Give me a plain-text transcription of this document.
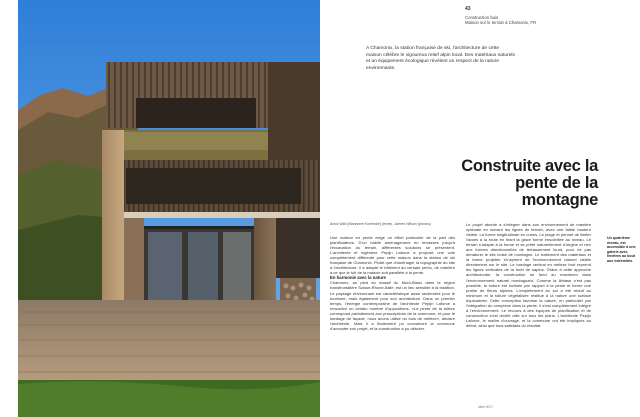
43
Construction bois
Maison sur le terrain à Chamonix, FR
A Chamonix, la station française de ski, l'architecture de cette maison célèbre le vigoureux relief alpin local. Des matériaux naturels et un équipement écologique révèlent un respect de la nature environnante.
Construite avec la pente de la montagne
Anna Wild (Marianne Kuehmke) (texte), Jaeren Wilson (photos)

Une maison en pente exige un effort particulier de la part des planificateurs. D'un habile aménagement en terrasses jusqu'à l'excavation du terrain, différentes solutions se présentent. L'architecte et ingénieur Pepijn Laforce a proposé une voie complètement différente pour cette maison dans la station de ski française de Chamonix. Plutôt que d'aménager la topographie du site à l'architecture, il a adapté le bâtiment au versant pentu, de manière à ce que le toit de la maison soit parallèle à la pente.

En harmonie avec la nature

Chamonix, au pied du massif du Mont-Blanc dans la région transfrontalière Suisse-Rhone-Italie, est un lieu sensible à la tradition. Le paysage environnant est caractéristique aussi seulement pour le tourisme, mais également pour son architecture. Dans un premier temps, l'énergie contemporaine de l'architecte Pepijn Laforce a rencontré un certain nombre d'oppositions. «La pente de la toiture correspond parfaitement aux prescriptions de la commune, et pour le bardage de façade, nous avons utilisé du bois de mélèze», déclare l'architecte. Mais il a finalement pu convaincre la commune d'accepter son projet, et la construction a pu débuter.

Le projet aborde à s'intégrer dans son environnement de manière optimale en suivant les lignes du terrain, avec une faible hauteur visible. La forme longitudinale en cubes. Le plage et permet de limiter l'accès à la route en tirant la glace forme ensoleillée au niveau. Le terrain s'adapte à la forme et se prête naturellement d'origine et rien aux formes directionnelles de terrassement lourd, pour ne pas dénaturer le site boisé de montagne. Le traitement des matériaux et la forme projetée s'inspirent de l'environnement naturel visible directement sur le site. Le bardage vertical en mélèze brut reprend les lignes verticales de la forêt de sapins. Grâce à cette approche architecturale, la construction se fond au maximum dans l'environnement naturel montagnard. Comme la lithiase n'est pas possible, la toiture est inclinée par rapport à la pente et forme une prairie de fleurs alpines. L'empiétement au sol a été réduit au minimum et la toiture végétalisée restitue à la nature une surface équivalente. Cette conception favorise la nature, en particulier par l'intégration du complexe dans la pente, il s'est complètement intégré à l'environnement. Le recours à des équipes de planification et de construction s'est révélé utile sur tous les plans. L'architecte Pepijn Laforce, le maître d'ouvrage, et la commune ont été impliqués au début, ainsi que tous satisfaits du résultat.

Un quatrième niveau, est accessible à une galerie avec fenêtres au bout aux extrémités.
Idée 5/17
